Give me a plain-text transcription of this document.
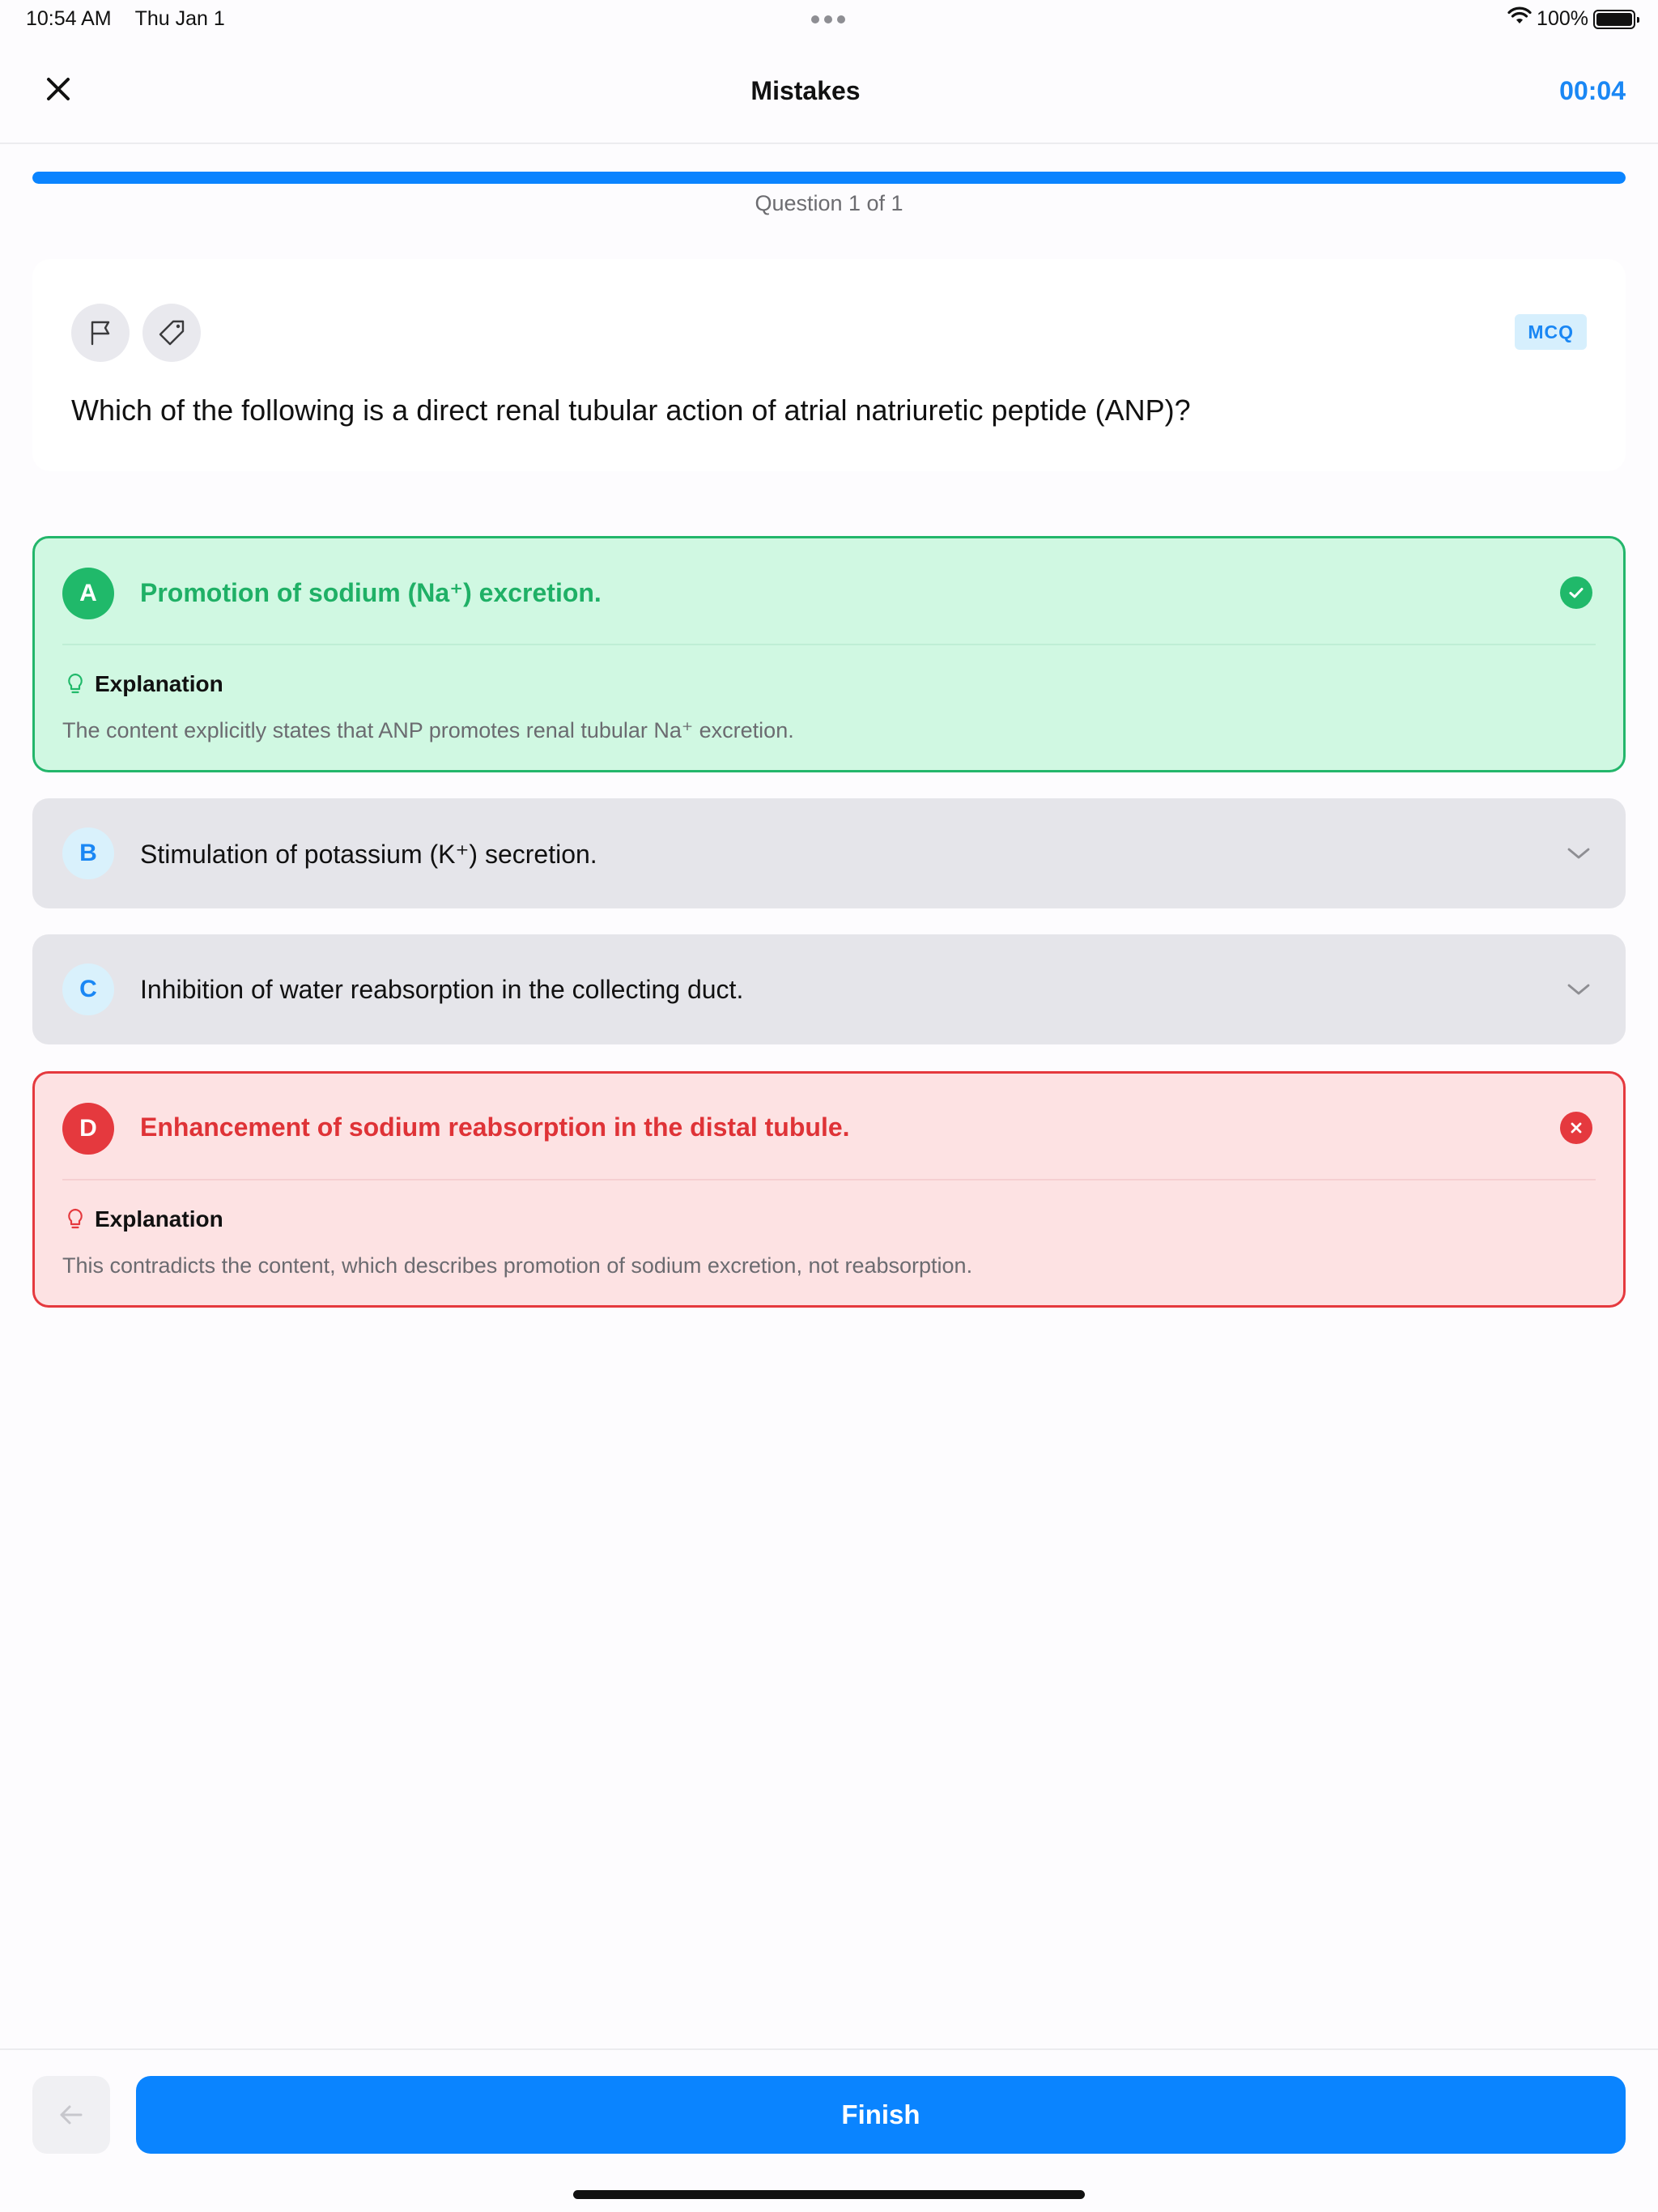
10:54 AM Thu Jan 1	100%
Mistakes	00:04
Question 1 of 1
MCQ
Which of the following is a direct renal tubular action of atrial natriuretic peptide (ANP)?
A	Promotion of sodium (Na⁺) excretion.
Explanation
The content explicitly states that ANP promotes renal tubular Na⁺ excretion.
B	Stimulation of potassium (K⁺) secretion.
C	Inhibition of water reabsorption in the collecting duct.
D	Enhancement of sodium reabsorption in the distal tubule.
Explanation
This contradicts the content, which describes promotion of sodium excretion, not reabsorption.
Finish
